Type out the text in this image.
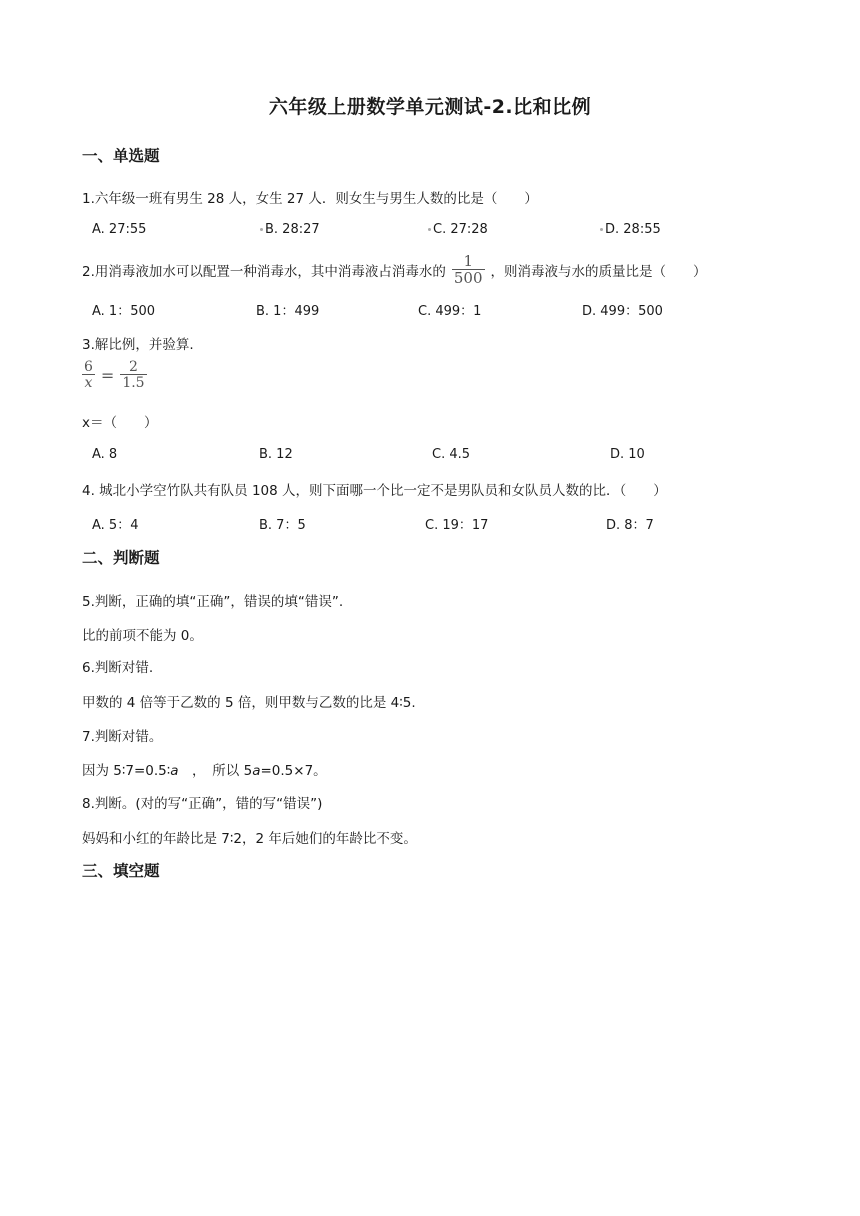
六年级上册数学单元测试-2.比和比例
一、单选题
1.六年级一班有男生 28 人，女生 27 人．则女生与男生人数的比是（　　）
A. 27:55	B. 28:27	C. 27:28	D. 28:55
2.用消毒液加水可以配置一种消毒水，其中消毒液占消毒水的 $\frac{1}{500}$ ，则消毒液与水的质量比是（　　）
A. 1：500	B. 1：499	C. 499：1	D. 499：500
3.解比例，并验算.
$\frac{6}{x} = \frac{2}{1.5}$
x＝（　　）
A. 8	B. 12	C. 4.5	D. 10
4. 城北小学空竹队共有队员 108 人，则下面哪一个比一定不是男队员和女队员人数的比．（　　）
A. 5：4	B. 7：5	C. 19：17	D. 8：7
二、判断题
5.判断，正确的填“正确”，错误的填“错误”.
比的前项不能为 0。
6.判断对错.
甲数的 4 倍等于乙数的 5 倍，则甲数与乙数的比是 4∶5.
7.判断对错。
因为 5∶7=0.5∶a　，　所以 5a=0.5×7。
8.判断。(对的写“正确”，错的写“错误”)
妈妈和小红的年龄比是 7∶2，2 年后她们的年龄比不变。
三、填空题
